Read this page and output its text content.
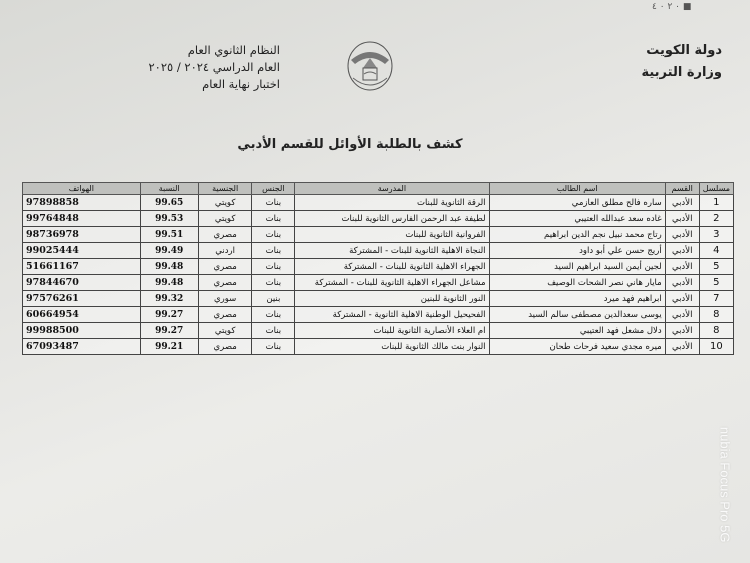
٠ ٢ ٠ ٤ ■
دولة الكويت
وزارة التربية
النظام الثانوي العام
العام الدراسي ٢٠٢٤ / ٢٠٢٥
اختبار نهاية العام
كشف بالطلبة الأوائل للقسم الأدبي
مسلسل	القسم	اسم الطالب	المدرسة	الجنس	الجنسية	النسبة	الهواتف
1	الأدبي	ساره فالح مطلق العازمي	الرقة الثانوية للبنات	بنات	كويتي	99.65	97898858
2	الأدبي	غاده سعد عبدالله العتيبي	لطيفة عبد الرحمن الفارس الثانوية للبنات	بنات	كويتي	99.53	99764848
3	الأدبي	رتاج محمد نبيل نجم الدين ابراهيم	الفروانية الثانوية للبنات	بنات	مصري	99.51	98736978
4	الأدبي	أريج حسن علي أبو داود	النجاة الاهلية الثانوية للبنات - المشتركة	بنات	اردني	99.49	99025444
5	الأدبي	لجين أيمن السيد ابراهيم السيد	الجهراء الاهلية الثانوية للبنات - المشتركة	بنات	مصري	99.48	51661167
5	الأدبي	مايار هاني نصر الشحات الوصيف	مشاعل الجهراء الاهلية الثانوية للبنات - المشتركة	بنات	مصري	99.48	97844670
7	الأدبي	ابراهيم فهد ميرد	النور الثانوية للبنين	بنين	سوري	99.32	97576261
8	الأدبي	يوسى سعدالدين مصطفى سالم السيد	الفحيحيل الوطنية الاهلية الثانوية - المشتركة	بنات	مصري	99.27	60664954
8	الأدبي	دلال مشعل فهد العتيبي	ام العلاء الأنصارية الثانوية للبنات	بنات	كويتي	99.27	99988500
10	الأدبي	ميره مجدي سعيد فرحات طحان	النوار بنت مالك الثانوية للبنات	بنات	مصري	99.21	67093487
nubia Focus Pro 5G
